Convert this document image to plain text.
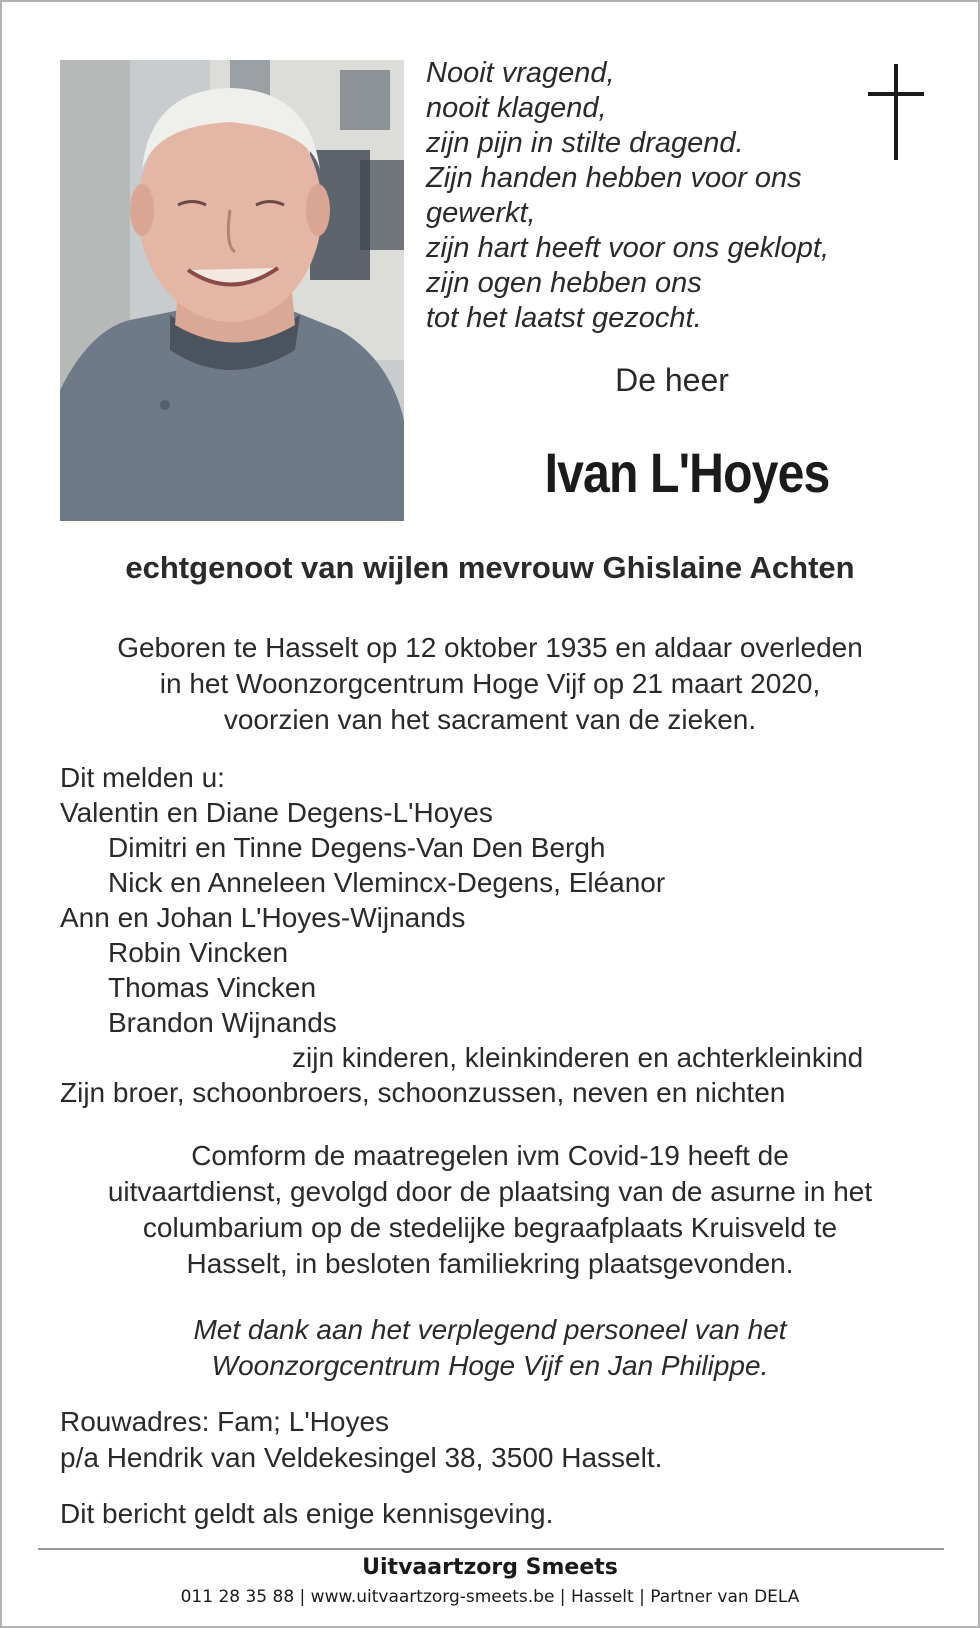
Nooit vragend,
nooit klagend,
zijn pijn in stilte dragend.
Zijn handen hebben voor ons
gewerkt,
zijn hart heeft voor ons geklopt,
zijn ogen hebben ons
tot het laatst gezocht.
De heer
Ivan L'Hoyes
echtgenoot van wijlen mevrouw Ghislaine Achten
Geboren te Hasselt op 12 oktober 1935 en aldaar overleden
in het Woonzorgcentrum Hoge Vijf op 21 maart 2020,
voorzien van het sacrament van de zieken.
Dit melden u:
Valentin en Diane Degens-L'Hoyes
Dimitri en Tinne Degens-Van Den Bergh
Nick en Anneleen Vlemincx-Degens, Eléanor
Ann en Johan L'Hoyes-Wijnands
Robin Vincken
Thomas Vincken
Brandon Wijnands
zijn kinderen, kleinkinderen en achterkleinkind
Zijn broer, schoonbroers, schoonzussen, neven en nichten
Comform de maatregelen ivm Covid-19 heeft de
uitvaartdienst, gevolgd door de plaatsing van de asurne in het
columbarium op de stedelijke begraafplaats Kruisveld te
Hasselt, in besloten familiekring plaatsgevonden.
Met dank aan het verplegend personeel van het
Woonzorgcentrum Hoge Vijf en Jan Philippe.
Rouwadres: Fam; L'Hoyes
p/a Hendrik van Veldekesingel 38, 3500 Hasselt.
Dit bericht geldt als enige kennisgeving.
Uitvaartzorg Smeets
011 28 35 88 | www.uitvaartzorg-smeets.be | Hasselt | Partner van DELA
